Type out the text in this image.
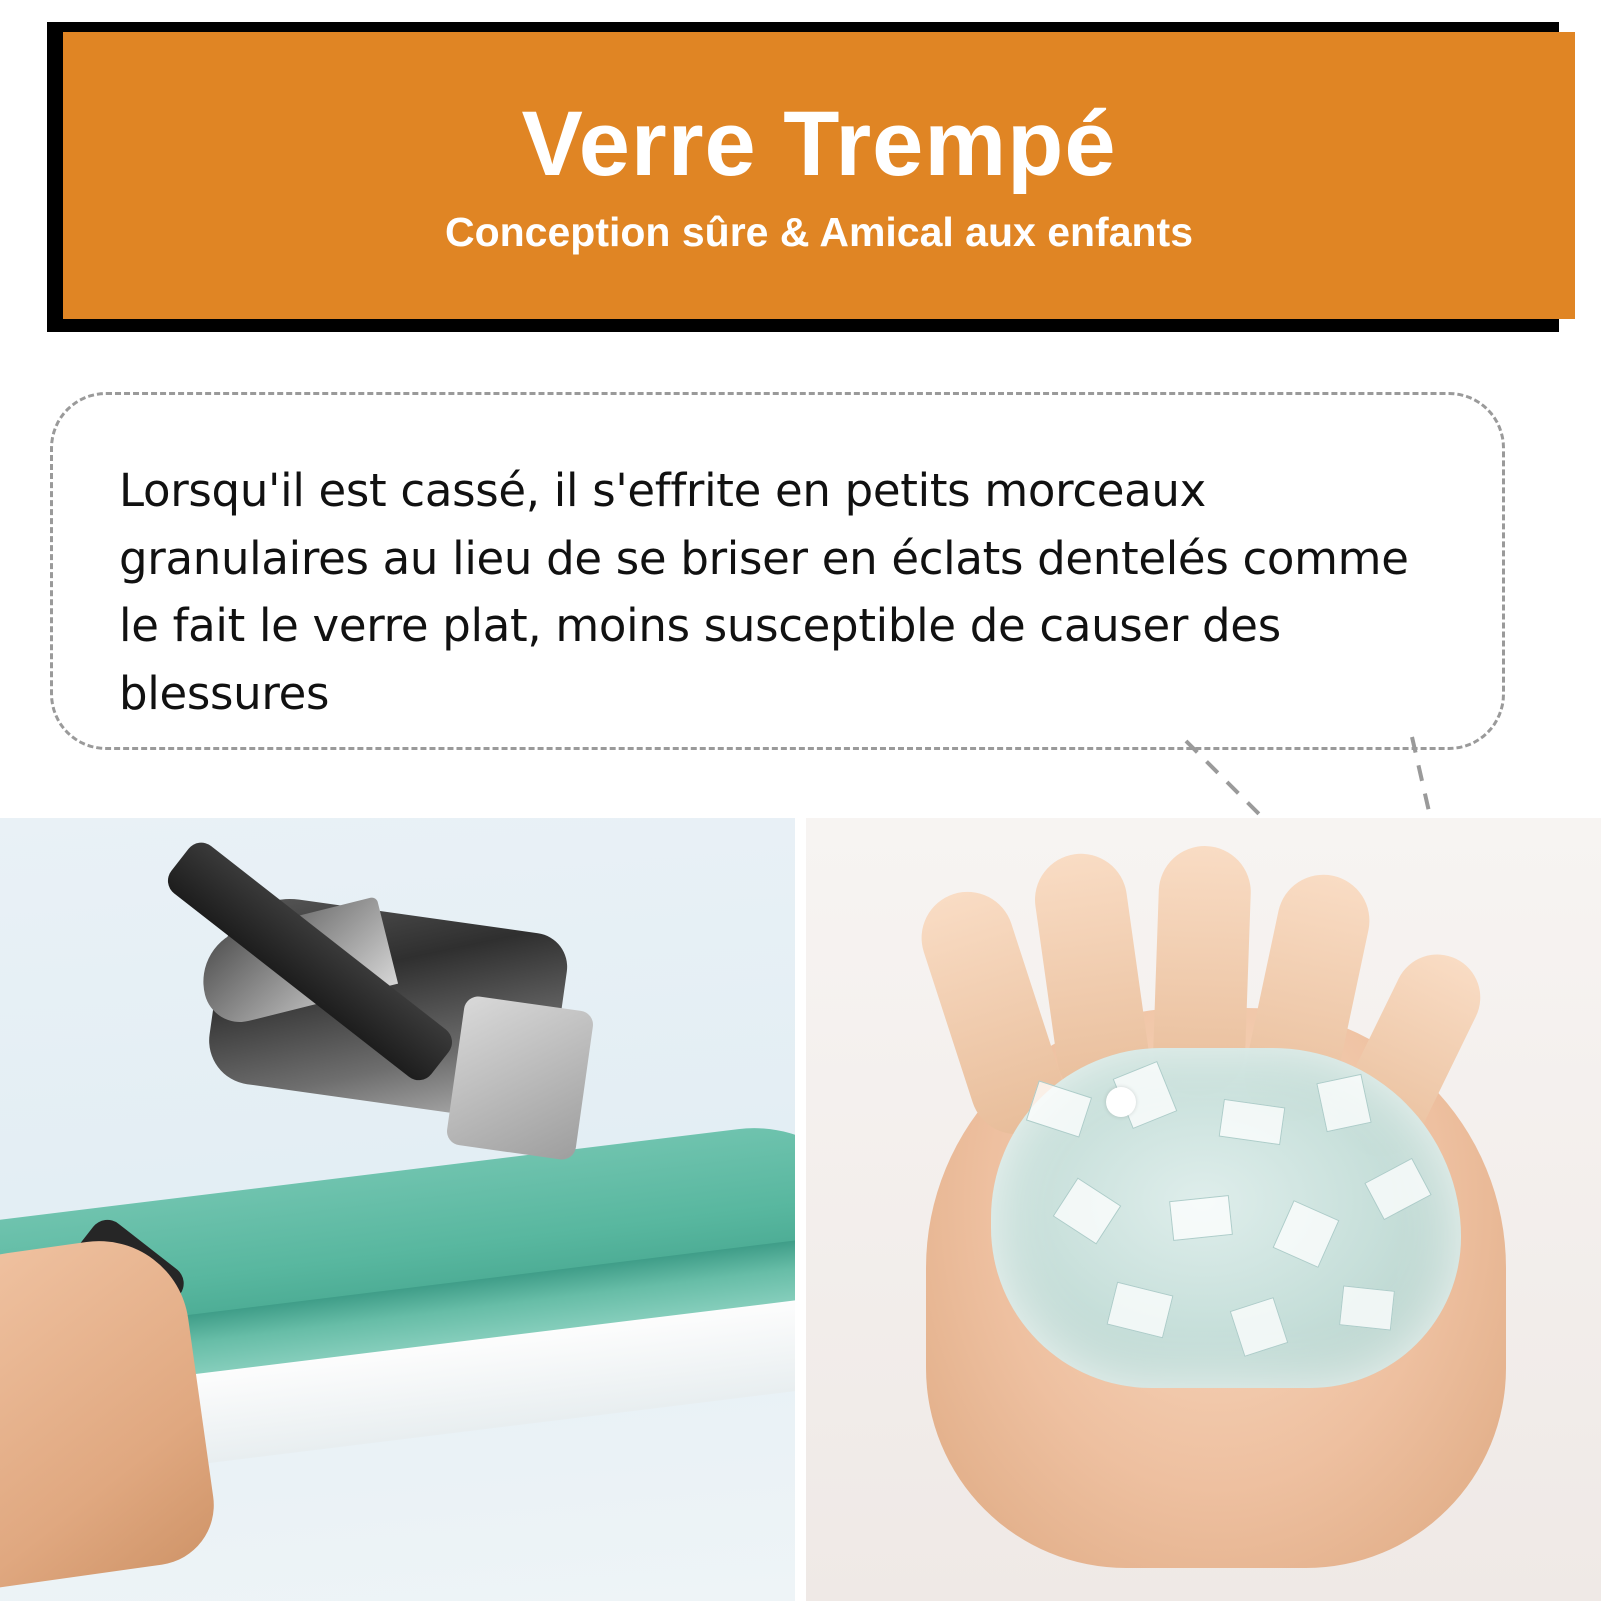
Verre Trempé
Conception sûre & Amical aux enfants
Lorsqu'il est cassé, il s'effrite en petits morceaux granulaires au lieu de se briser en éclats dentelés comme le fait le verre plat, moins susceptible de causer des blessures
